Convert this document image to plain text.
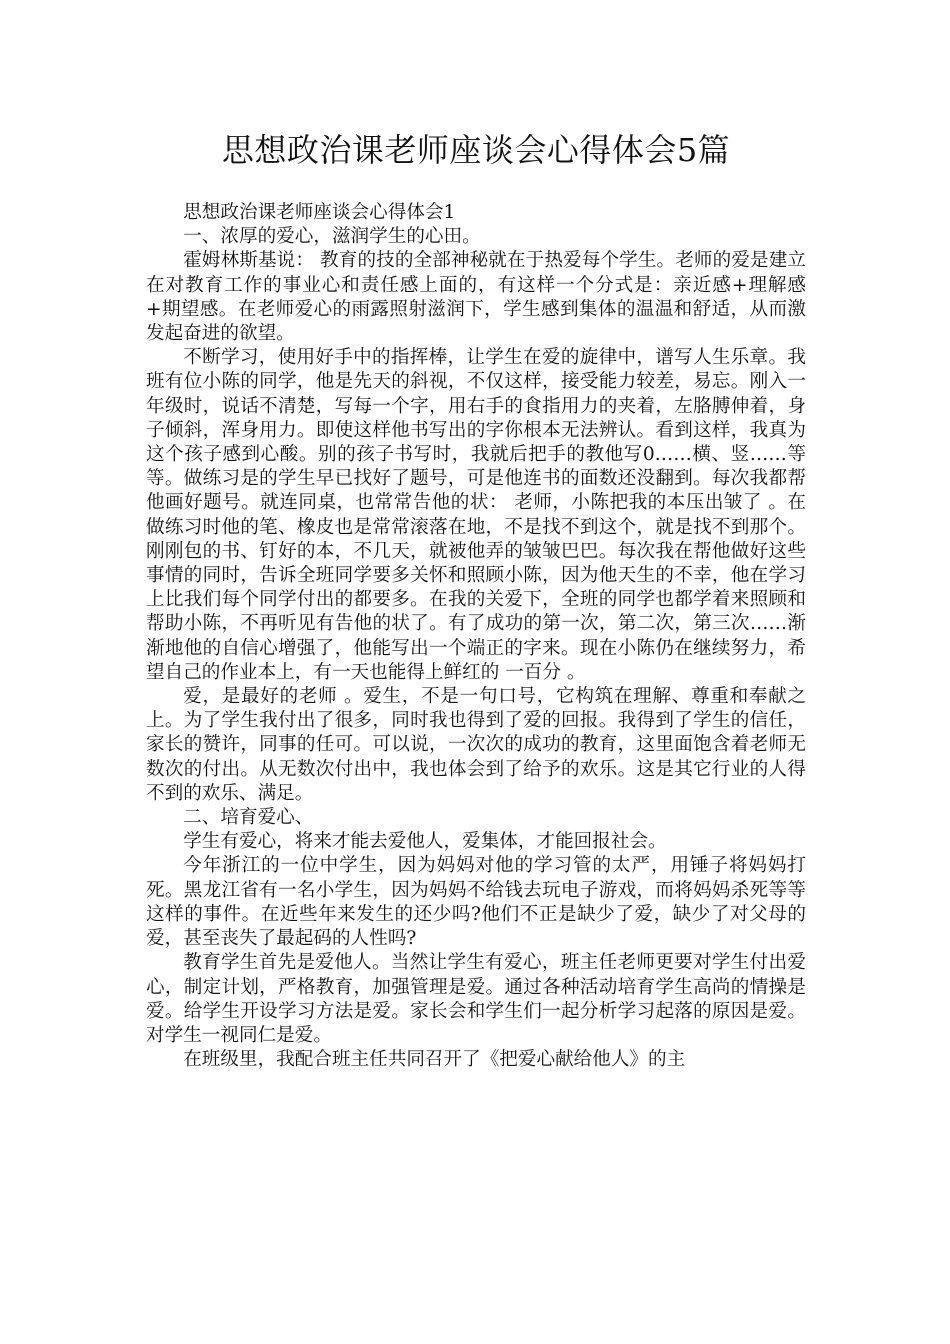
思想政治课老师座谈会心得体会5篇

思想政治课老师座谈会心得体会1

一、浓厚的爱心，滋润学生的心田。

霍姆林斯基说： 教育的技的全部神秘就在于热爱每个学生。老师的爱是建立在对教育工作的事业心和责任感上面的，有这样一个分式是：亲近感+理解感+期望感。在老师爱心的雨露照射滋润下，学生感到集体的温温和舒适，从而激发起奋进的欲望。

不断学习，使用好手中的指挥棒，让学生在爱的旋律中，谱写人生乐章。我班有位小陈的同学，他是先天的斜视，不仅这样，接受能力较差，易忘。刚入一年级时，说话不清楚，写每一个字，用右手的食指用力的夹着，左胳膊伸着，身子倾斜，浑身用力。即使这样他书写出的字你根本无法辨认。看到这样，我真为这个孩子感到心酸。别的孩子书写时，我就后把手的教他写0……横、竖……等等。做练习是的学生早已找好了题号，可是他连书的面数还没翻到。每次我都帮他画好题号。就连同桌，也常常告他的状： 老师，小陈把我的本压出皱了 。在做练习时他的笔、橡皮也是常常滚落在地，不是找不到这个，就是找不到那个。刚刚包的书、钉好的本，不几天，就被他弄的皱皱巴巴。每次我在帮他做好这些事情的同时，告诉全班同学要多关怀和照顾小陈，因为他天生的不幸，他在学习上比我们每个同学付出的都要多。在我的关爱下，全班的同学也都学着来照顾和帮助小陈，不再听见有告他的状了。有了成功的第一次，第二次，第三次……渐渐地他的自信心增强了，他能写出一个端正的字来。现在小陈仍在继续努力，希望自己的作业本上，有一天也能得上鲜红的 一百分 。

爱，是最好的老师 。爱生，不是一句口号，它构筑在理解、尊重和奉献之上。为了学生我付出了很多，同时我也得到了爱的回报。我得到了学生的信任，家长的赞许，同事的任可。可以说，一次次的成功的教育，这里面饱含着老师无数次的付出。从无数次付出中，我也体会到了给予的欢乐。这是其它行业的人得不到的欢乐、满足。

二、培育爱心、

学生有爱心，将来才能去爱他人，爱集体，才能回报社会。

今年浙江的一位中学生，因为妈妈对他的学习管的太严，用锤子将妈妈打死。黑龙江省有一名小学生，因为妈妈不给钱去玩电子游戏，而将妈妈杀死等等这样的事件。在近些年来发生的还少吗?他们不正是缺少了爱，缺少了对父母的爱，甚至丧失了最起码的人性吗?

教育学生首先是爱他人。当然让学生有爱心，班主任老师更要对学生付出爱心，制定计划，严格教育，加强管理是爱。通过各种活动培育学生高尚的情操是爱。给学生开设学习方法是爱。家长会和学生们一起分析学习起落的原因是爱。对学生一视同仁是爱。

在班级里，我配合班主任共同召开了《把爱心献给他人》的主
